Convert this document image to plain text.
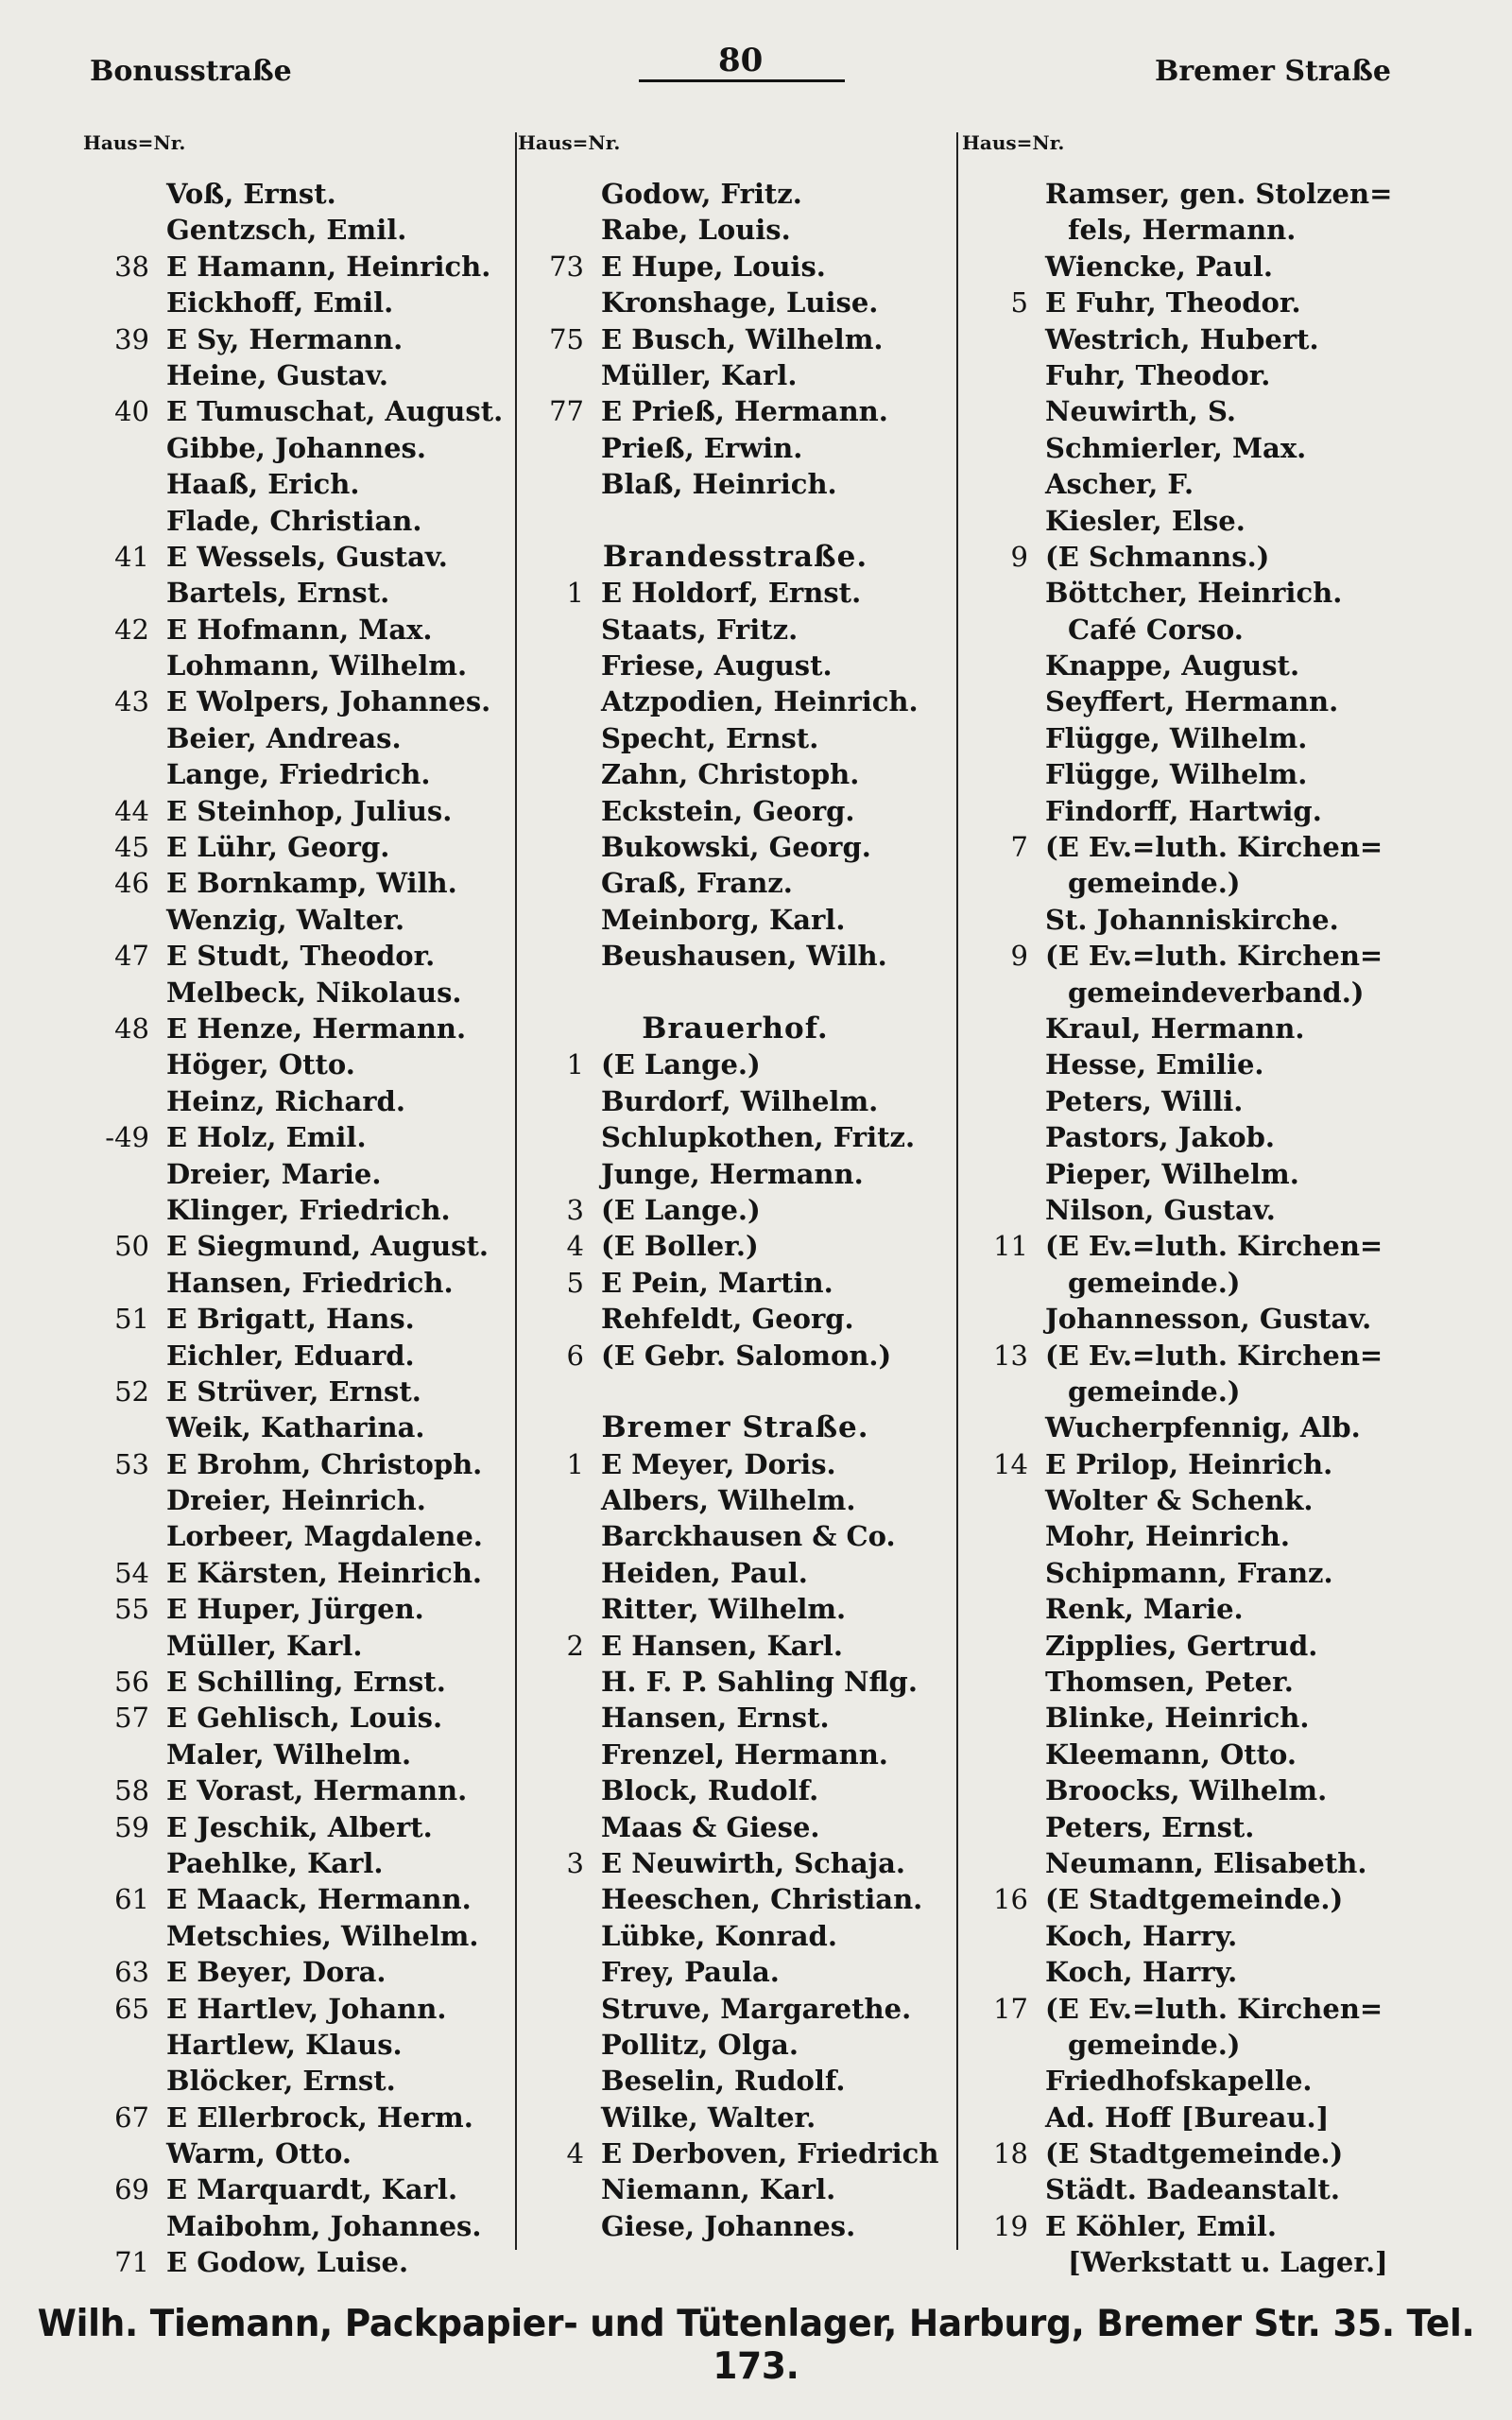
Bonusstraße	80	Bremer Straße
Haus=Nr.
Voß, Ernst.
Gentzsch, Emil.
38 E Hamann, Heinrich.
Eickhoff, Emil.
39 E Sy, Hermann.
Heine, Gustav.
40 E Tumuschat, August.
Gibbe, Johannes.
Haaß, Erich.
Flade, Christian.
41 E Wessels, Gustav.
Bartels, Ernst.
42 E Hofmann, Max.
Lohmann, Wilhelm.
43 E Wolpers, Johannes.
Beier, Andreas.
Lange, Friedrich.
44 E Steinhop, Julius.
45 E Lühr, Georg.
46 E Bornkamp, Wilh.
Wenzig, Walter.
47 E Studt, Theodor.
Melbeck, Nikolaus.
48 E Henze, Hermann.
Höger, Otto.
Heinz, Richard.
-49 E Holz, Emil.
Dreier, Marie.
Klinger, Friedrich.
50 E Siegmund, August.
Hansen, Friedrich.
51 E Brigatt, Hans.
Eichler, Eduard.
52 E Strüver, Ernst.
Weik, Katharina.
53 E Brohm, Christoph.
Dreier, Heinrich.
Lorbeer, Magdalene.
54 E Kärsten, Heinrich.
55 E Huper, Jürgen.
Müller, Karl.
56 E Schilling, Ernst.
57 E Gehlisch, Louis.
Maler, Wilhelm.
58 E Vorast, Hermann.
59 E Jeschik, Albert.
Paehlke, Karl.
61 E Maack, Hermann.
Metschies, Wilhelm.
63 E Beyer, Dora.
65 E Hartlev, Johann.
Hartlew, Klaus.
Blöcker, Ernst.
67 E Ellerbrock, Herm.
Warm, Otto.
69 E Marquardt, Karl.
Maibohm, Johannes.
71 E Godow, Luise.
Haus=Nr.
Godow, Fritz.
Rabe, Louis.
73 E Hupe, Louis.
Kronshage, Luise.
75 E Busch, Wilhelm.
Müller, Karl.
77 E Prieß, Hermann.
Prieß, Erwin.
Blaß, Heinrich.
Brandesstraße.
1 E Holdorf, Ernst.
Staats, Fritz.
Friese, August.
Atzpodien, Heinrich.
Specht, Ernst.
Zahn, Christoph.
Eckstein, Georg.
Bukowski, Georg.
Graß, Franz.
Meinborg, Karl.
Beushausen, Wilh.
Brauerhof.
1 (E Lange.)
Burdorf, Wilhelm.
Schlupkothen, Fritz.
Junge, Hermann.
3 (E Lange.)
4 (E Boller.)
5 E Pein, Martin.
Rehfeldt, Georg.
6 (E Gebr. Salomon.)
Bremer Straße.
1 E Meyer, Doris.
Albers, Wilhelm.
Barckhausen & Co.
Heiden, Paul.
Ritter, Wilhelm.
2 E Hansen, Karl.
H. F. P. Sahling Nflg.
Hansen, Ernst.
Frenzel, Hermann.
Block, Rudolf.
Maas & Giese.
3 E Neuwirth, Schaja.
Heeschen, Christian.
Lübke, Konrad.
Frey, Paula.
Struve, Margarethe.
Pollitz, Olga.
Beselin, Rudolf.
Wilke, Walter.
4 E Derboven, Friedrich
Niemann, Karl.
Giese, Johannes.
Haus=Nr.
Ramser, gen. Stolzen=
fels, Hermann.
Wiencke, Paul.
5 E Fuhr, Theodor.
Westrich, Hubert.
Fuhr, Theodor.
Neuwirth, S.
Schmierler, Max.
Ascher, F.
Kiesler, Else.
9 (E Schmanns.)
Böttcher, Heinrich.
Café Corso.
Knappe, August.
Seyffert, Hermann.
Flügge, Wilhelm.
Flügge, Wilhelm.
Findorff, Hartwig.
7 (E Ev.=luth. Kirchen=
gemeinde.)
St. Johanniskirche.
9 (E Ev.=luth. Kirchen=
gemeindeverband.)
Kraul, Hermann.
Hesse, Emilie.
Peters, Willi.
Pastors, Jakob.
Pieper, Wilhelm.
Nilson, Gustav.
11 (E Ev.=luth. Kirchen=
gemeinde.)
Johannesson, Gustav.
13 (E Ev.=luth. Kirchen=
gemeinde.)
Wucherpfennig, Alb.
14 E Prilop, Heinrich.
Wolter & Schenk.
Mohr, Heinrich.
Schipmann, Franz.
Renk, Marie.
Zipplies, Gertrud.
Thomsen, Peter.
Blinke, Heinrich.
Kleemann, Otto.
Broocks, Wilhelm.
Peters, Ernst.
Neumann, Elisabeth.
16 (E Stadtgemeinde.)
Koch, Harry.
Koch, Harry.
17 (E Ev.=luth. Kirchen=
gemeinde.)
Friedhofskapelle.
Ad. Hoff [Bureau.]
18 (E Stadtgemeinde.)
Städt. Badeanstalt.
19 E Köhler, Emil.
[Werkstatt u. Lager.]
Wilh. Tiemann, Packpapier- und Tütenlager, Harburg, Bremer Str. 35. Tel. 173.
